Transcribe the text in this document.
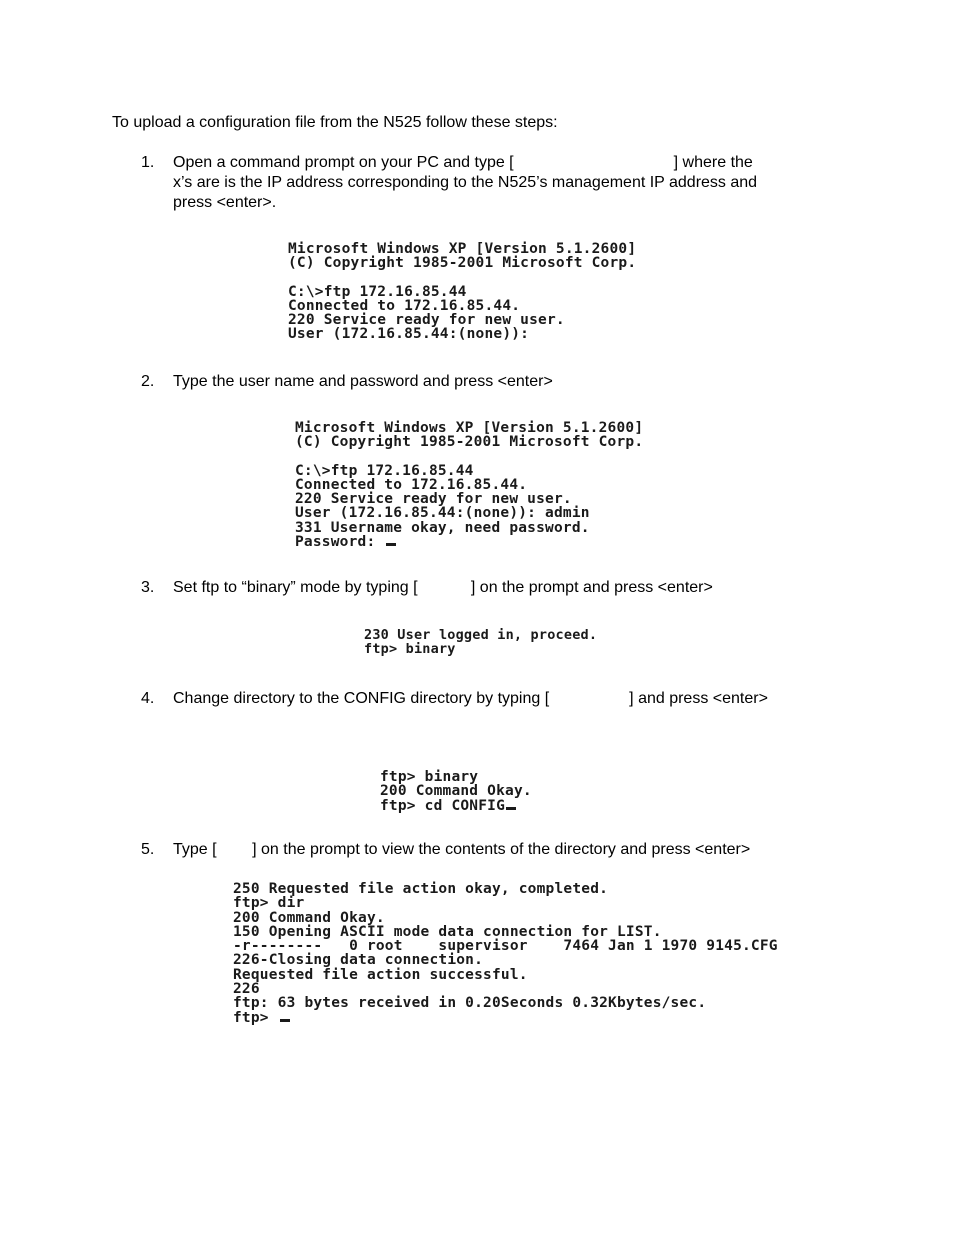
To upload a configuration file from the N525 follow these steps:
1.	Open a command prompt on your PC and type [                                    ] where the
x’s are is the IP address corresponding to the N525’s management IP address and
press <enter>.
Microsoft Windows XP [Version 5.1.2600]
(C) Copyright 1985-2001 Microsoft Corp.
C:\>ftp 172.16.85.44
Connected to 172.16.85.44.
220 Service ready for new user.
User (172.16.85.44:(none)):
2.	Type the user name and password and press <enter>
Microsoft Windows XP [Version 5.1.2600]
(C) Copyright 1985-2001 Microsoft Corp.
C:\>ftp 172.16.85.44
Connected to 172.16.85.44.
220 Service ready for new user.
User (172.16.85.44:(none)): admin
331 Username okay, need password.
Password:
3.	Set ftp to “binary” mode by typing [            ] on the prompt and press <enter>
230 User logged in, proceed.
ftp> binary
4.	Change directory to the CONFIG directory by typing [                  ] and press <enter>
ftp> binary
200 Command Okay.
ftp> cd CONFIG
5.	Type [        ] on the prompt to view the contents of the directory and press <enter>
250 Requested file action okay, completed.
ftp> dir
200 Command Okay.
150 Opening ASCII mode data connection for LIST.
-r--------   0 root    supervisor    7464 Jan 1 1970 9145.CFG
226-Closing data connection.
Requested file action successful.
226
ftp: 63 bytes received in 0.20Seconds 0.32Kbytes/sec.
ftp>
